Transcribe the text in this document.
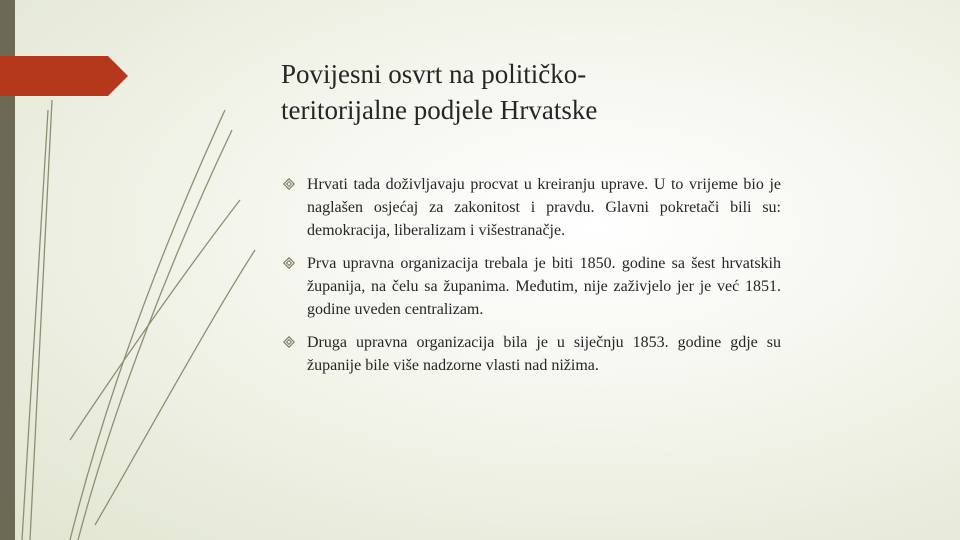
Povijesni osvrt na političko-
teritorijalne podjele Hrvatske
Hrvati tada doživljavaju procvat u kreiranju uprave. U to vrijeme bio je naglašen osjećaj za zakonitost i pravdu. Glavni pokretači bili su: demokracija, liberalizam i višestranačje.
Prva upravna organizacija trebala je biti 1850. godine sa šest hrvatskih županija, na čelu sa županima. Međutim, nije zaživjelo jer je već 1851. godine uveden centralizam.
Druga upravna organizacija bila je u siječnju 1853. godine gdje su županije bile više nadzorne vlasti nad nižima.
